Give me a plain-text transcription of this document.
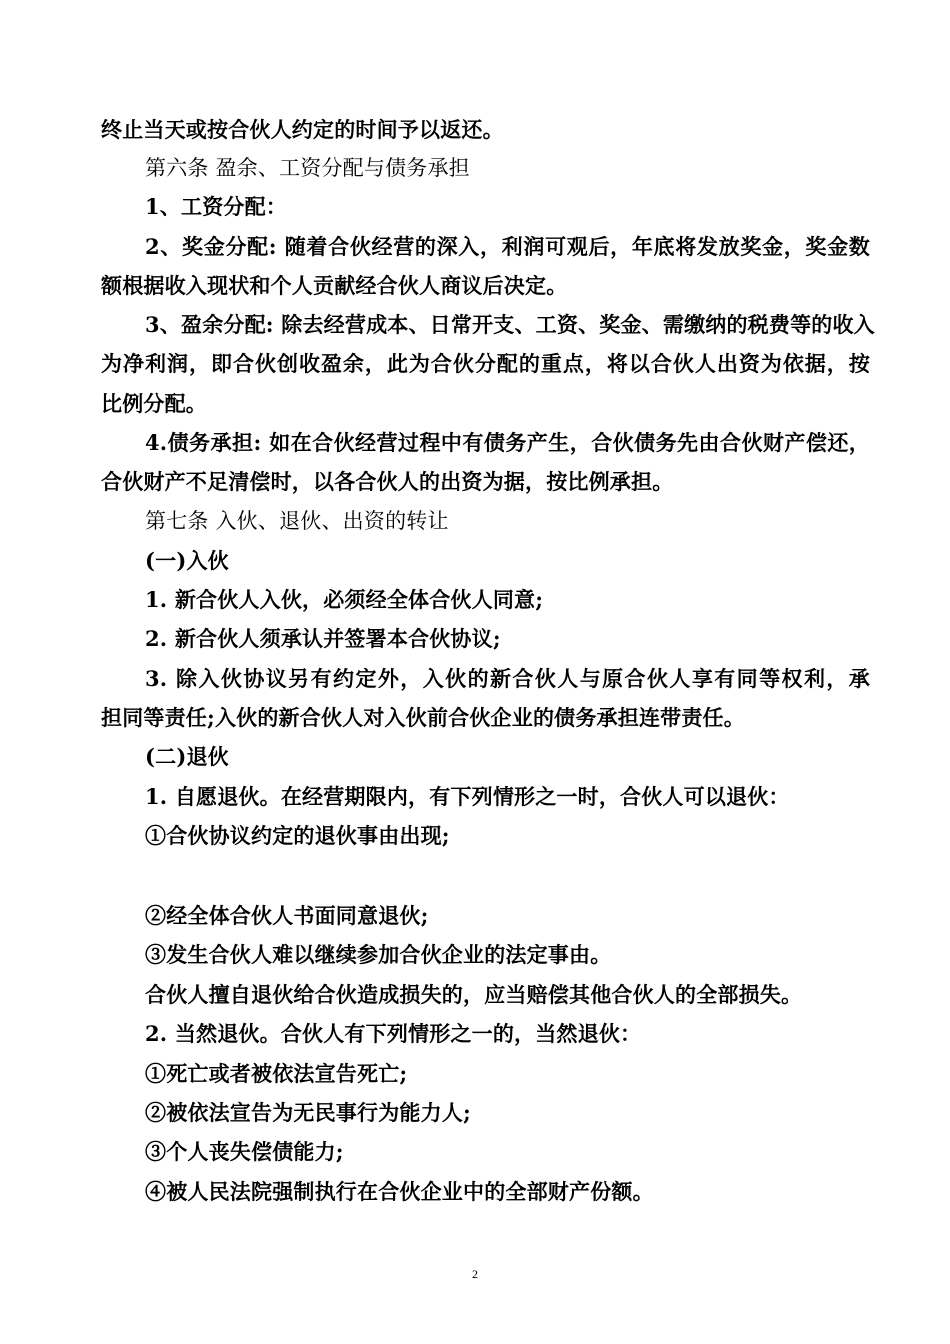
终止当天或按合伙人约定的时间予以返还。
第六条 盈余、工资分配与债务承担
1、工资分配：
2、奖金分配: 随着合伙经营的深入，利润可观后，年底将发放奖金，奖金数
额根据收入现状和个人贡献经合伙人商议后决定。
3、盈余分配: 除去经营成本、日常开支、工资、奖金、需缴纳的税费等的收入
为净利润，即合伙创收盈余，此为合伙分配的重点，将以合伙人出资为依据，按
比例分配。
4.债务承担: 如在合伙经营过程中有债务产生，合伙债务先由合伙财产偿还，
合伙财产不足清偿时，以各合伙人的出资为据，按比例承担。
第七条 入伙、退伙、出资的转让
(一)入伙
1. 新合伙人入伙，必须经全体合伙人同意;
2. 新合伙人须承认并签署本合伙协议;
3. 除入伙协议另有约定外，入伙的新合伙人与原合伙人享有同等权利，承
担同等责任;入伙的新合伙人对入伙前合伙企业的债务承担连带责任。
(二)退伙
1. 自愿退伙。在经营期限内，有下列情形之一时，合伙人可以退伙：
①合伙协议约定的退伙事由出现;
②经全体合伙人书面同意退伙;
③发生合伙人难以继续参加合伙企业的法定事由。
合伙人擅自退伙给合伙造成损失的，应当赔偿其他合伙人的全部损失。
2. 当然退伙。合伙人有下列情形之一的，当然退伙：
①死亡或者被依法宣告死亡;
②被依法宣告为无民事行为能力人;
③个人丧失偿债能力;
④被人民法院强制执行在合伙企业中的全部财产份额。
2
